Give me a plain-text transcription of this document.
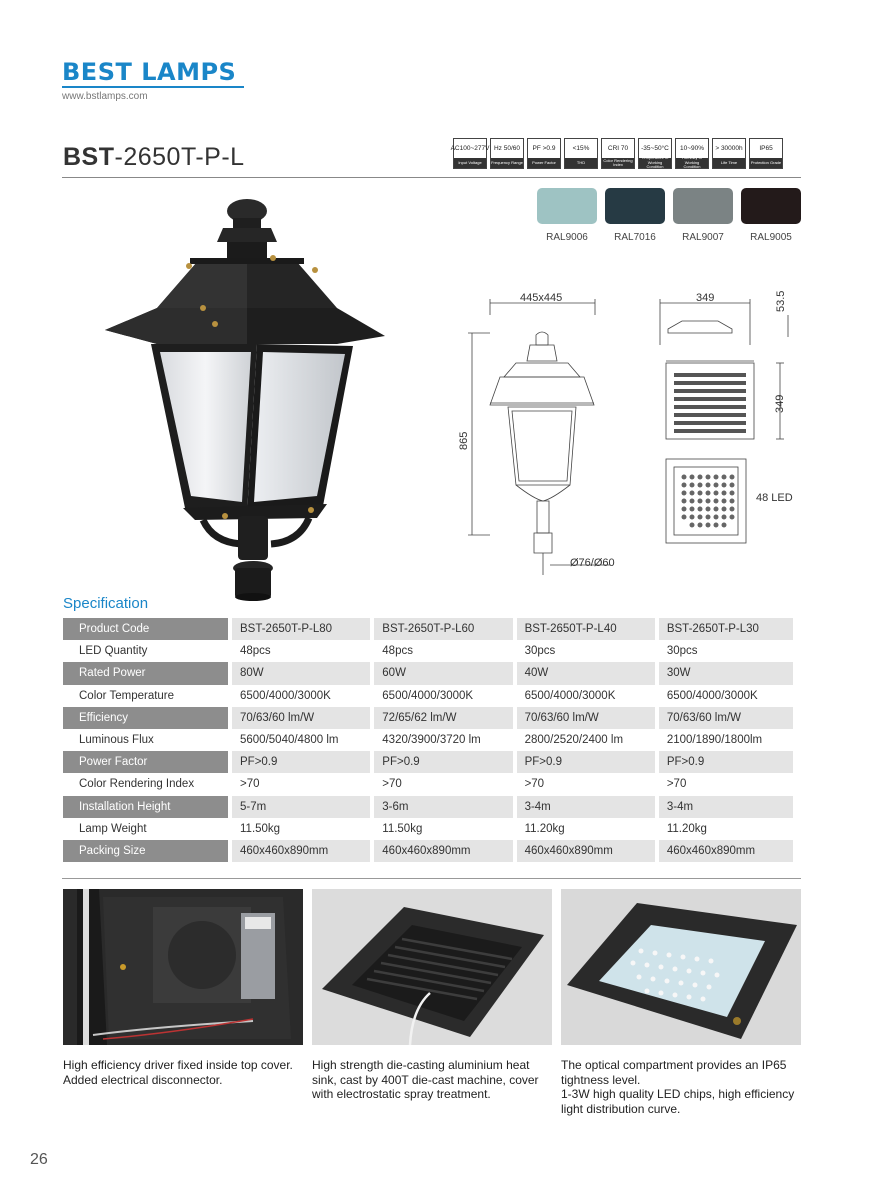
BEST LAMPS
www.bstlamps.com
BST-2650T-P-L	AC100~277V
Input Voltage
Hz 50/60
Frequency Range
PF >0.9
Power Factor
<15%
THD
CRI 70
Color Rendering Index
-35~50°C
Temperature of Working Condition
10~90%
Humidity of Working Condition
> 30000h
Life Time
IP65
Protection Grade
RAL9006	RAL7016	RAL9007	RAL9005
445x445
865
Ø76/Ø60
349	53.5
349
48 LED
Specification
Product Code	BST-2650T-P-L80	BST-2650T-P-L60	BST-2650T-P-L40	BST-2650T-P-L30
LED Quantity	48pcs	48pcs	30pcs	30pcs
Rated Power	80W	60W	40W	30W
Color Temperature	6500/4000/3000K	6500/4000/3000K	6500/4000/3000K	6500/4000/3000K
Efficiency	70/63/60 lm/W	72/65/62 lm/W	70/63/60 lm/W	70/63/60 lm/W
Luminous Flux	5600/5040/4800 lm	4320/3900/3720 lm	2800/2520/2400 lm	2100/1890/1800lm
Power Factor	PF>0.9	PF>0.9	PF>0.9	PF>0.9
Color Rendering Index	>70	>70	>70	>70
Installation Height	5-7m	3-6m	3-4m	3-4m
Lamp Weight	11.50kg	11.50kg	11.20kg	11.20kg
Packing Size	460x460x890mm	460x460x890mm	460x460x890mm	460x460x890mm
High efficiency driver fixed inside top cover. Added electrical disconnector.
High strength die-casting aluminium heat sink, cast by 400T die-cast machine, cover with electrostatic spray treatment.
The optical compartment provides an IP65 tightness level.
1-3W high quality LED chips, high efficiency light distribution curve.
26
